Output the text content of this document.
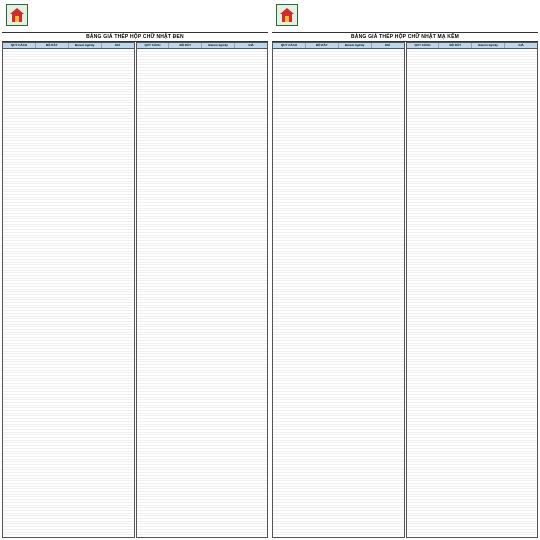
BẢNG GIÁ THÉP HỘP CHỮ NHẬT ĐEN
QUY CÁCH	ĐỘ DÀY	Barem kg/cây	GIÁ	QUY CÁCH	ĐỘ DÀY	Barem kg/cây	GIÁ
BẢNG GIÁ THÉP HỘP CHỮ NHẬT MẠ KẼM
QUY CÁCH	ĐỘ DÀY	Barem kg/cây	GIÁ	QUY CÁCH	ĐỘ DÀY	Barem kg/cây	GIÁ
